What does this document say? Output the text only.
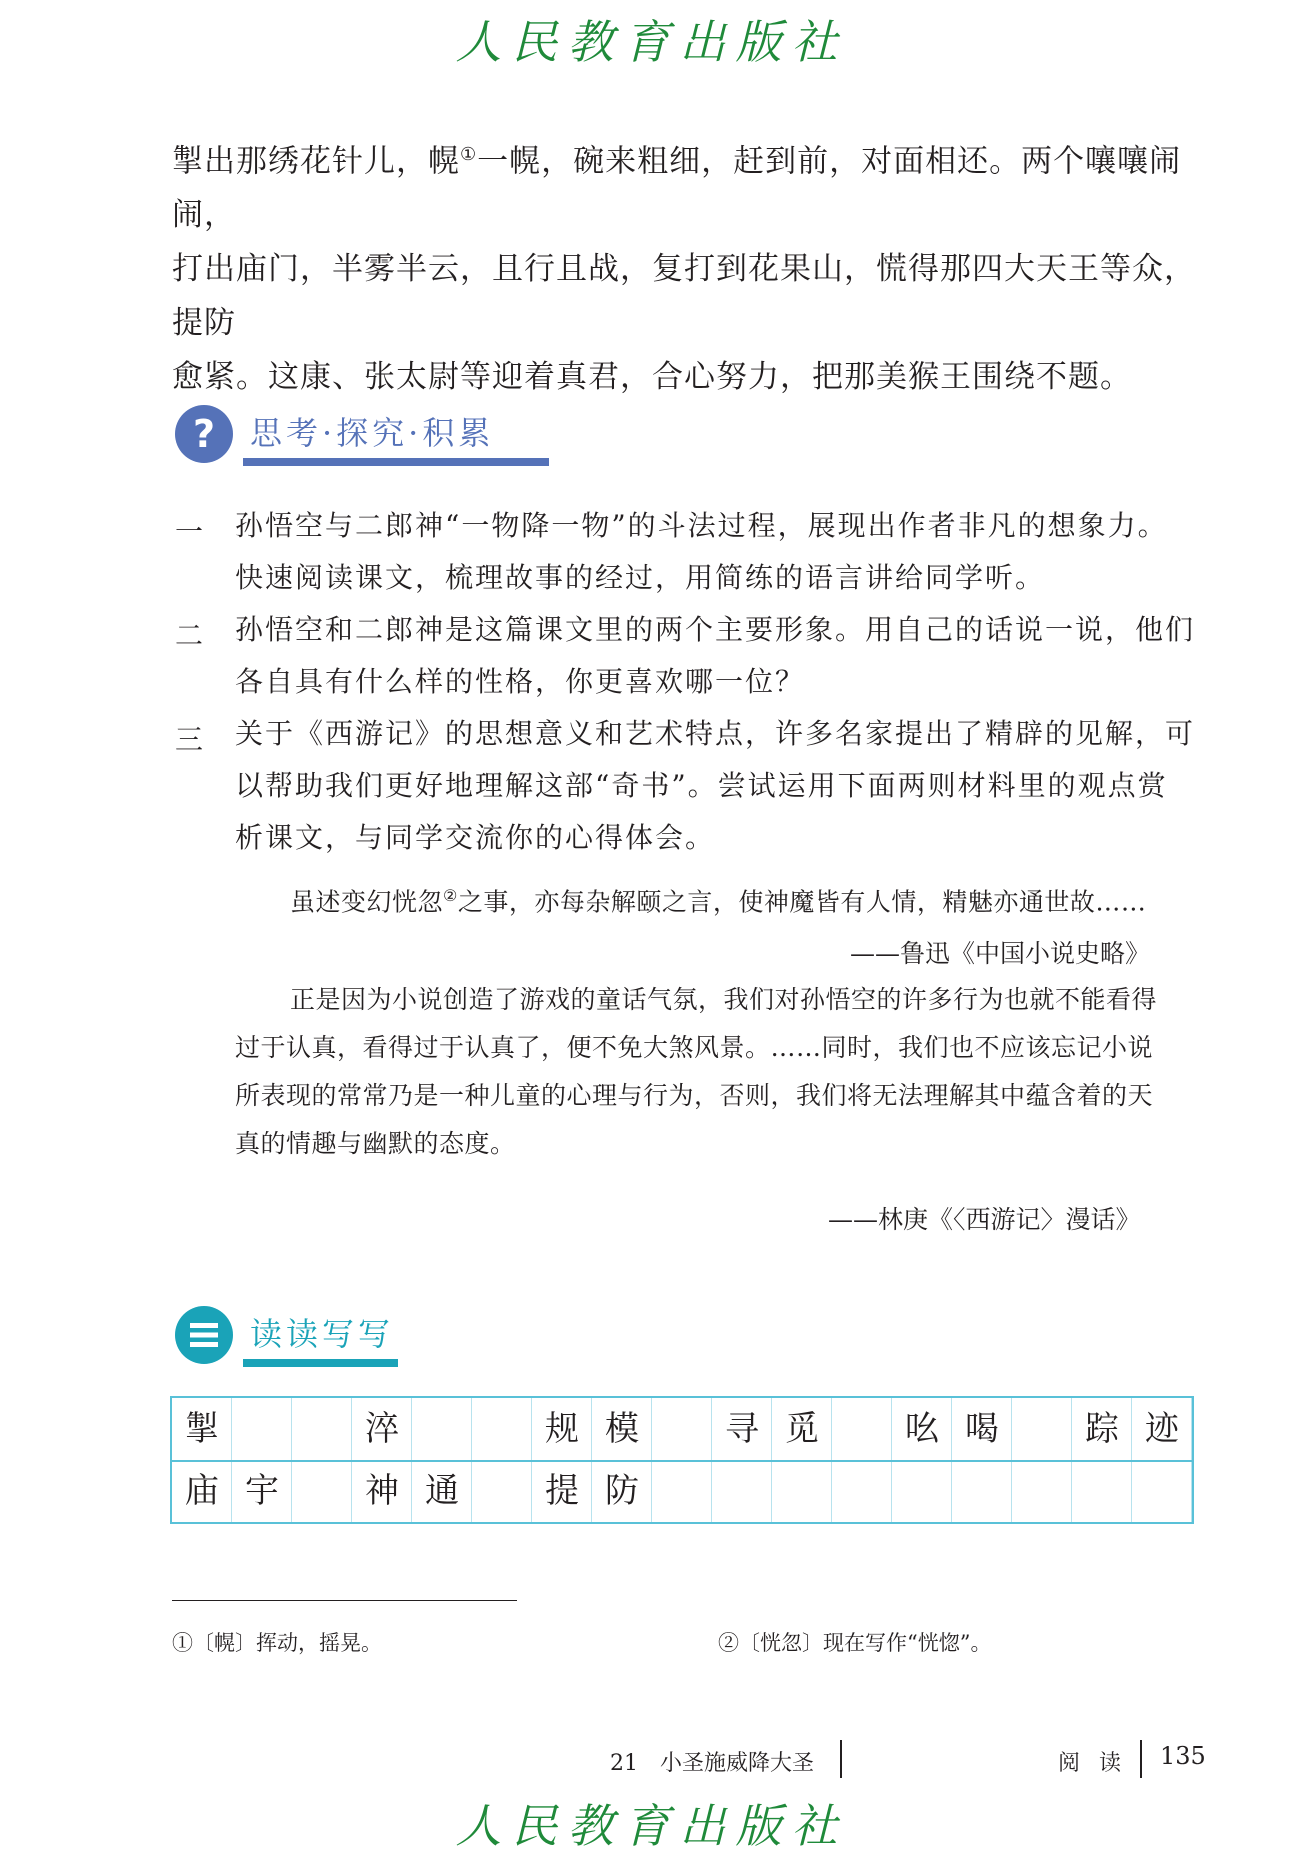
人民教育出版社
掣出那绣花针儿，幌①一幌，碗来粗细，赶到前，对面相还。两个嚷嚷闹闹，
打出庙门，半雾半云，且行且战，复打到花果山，慌得那四大天王等众，提防
愈紧。这康、张太尉等迎着真君，合心努力，把那美猴王围绕不题。
?	思考·探究·积累
一 孙悟空与二郎神“一物降一物”的斗法过程，展现出作者非凡的想象力。
快速阅读课文，梳理故事的经过，用简练的语言讲给同学听。
二 孙悟空和二郎神是这篇课文里的两个主要形象。用自己的话说一说，他们
各自具有什么样的性格，你更喜欢哪一位？
三 关于《西游记》的思想意义和艺术特点，许多名家提出了精辟的见解，可
以帮助我们更好地理解这部“奇书”。尝试运用下面两则材料里的观点赏
析课文，与同学交流你的心得体会。
虽述变幻恍忽②之事，亦每杂解颐之言，使神魔皆有人情，精魅亦通世故……
——鲁迅《中国小说史略》
正是因为小说创造了游戏的童话气氛，我们对孙悟空的许多行为也就不能看得
过于认真，看得过于认真了，便不免大煞风景。……同时，我们也不应该忘记小说
所表现的常常乃是一种儿童的心理与行为，否则，我们将无法理解其中蕴含着的天
真的情趣与幽默的态度。
——林庚《〈西游记〉漫话》
读读写写
掣	淬	规 模	寻 觅	吆 喝	踪 迹
庙 宇	神 通	提 防
①〔幌〕挥动，摇晃。	②〔恍忽〕现在写作“恍惚”。
21　小圣施威降大圣	阅 读 135
人民教育出版社
